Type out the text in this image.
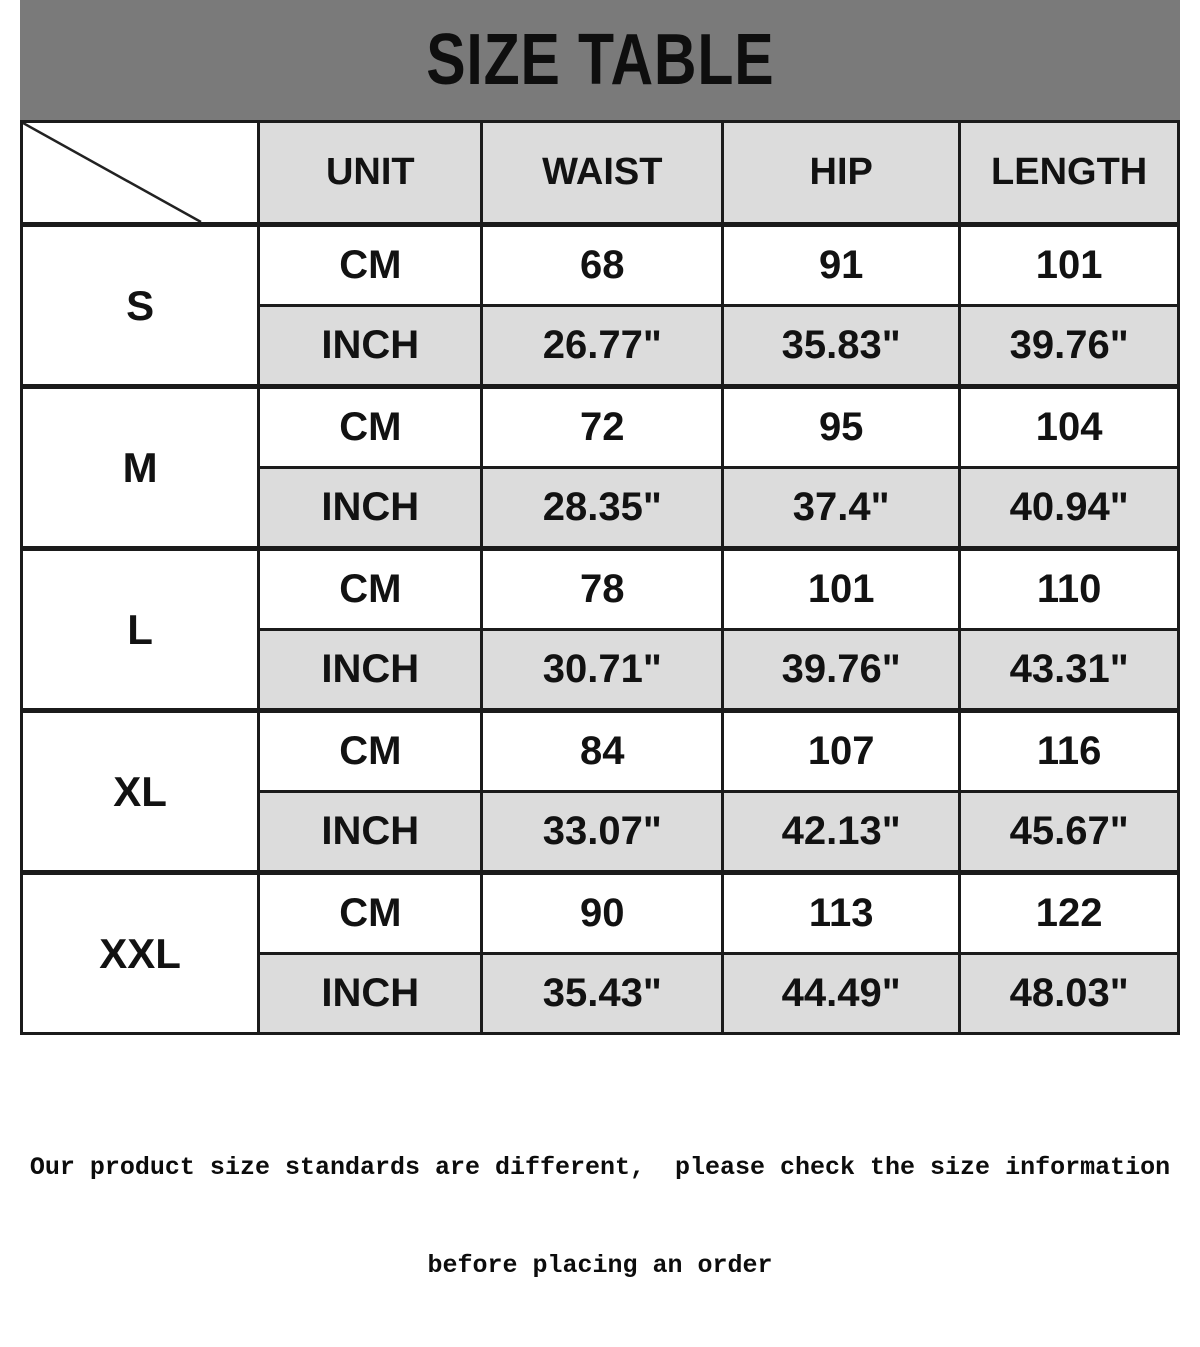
SIZE TABLE
	UNIT	WAIST	HIP	LENGTH
S	CM	68	91	101
	INCH	26.77"	35.83"	39.76"
M	CM	72	95	104
	INCH	28.35"	37.4"	40.94"
L	CM	78	101	110
	INCH	30.71"	39.76"	43.31"
XL	CM	84	107	116
	INCH	33.07"	42.13"	45.67"
XXL	CM	90	113	122
	INCH	35.43"	44.49"	48.03"

Our product size standards are different,  please check the size information

before placing an order
